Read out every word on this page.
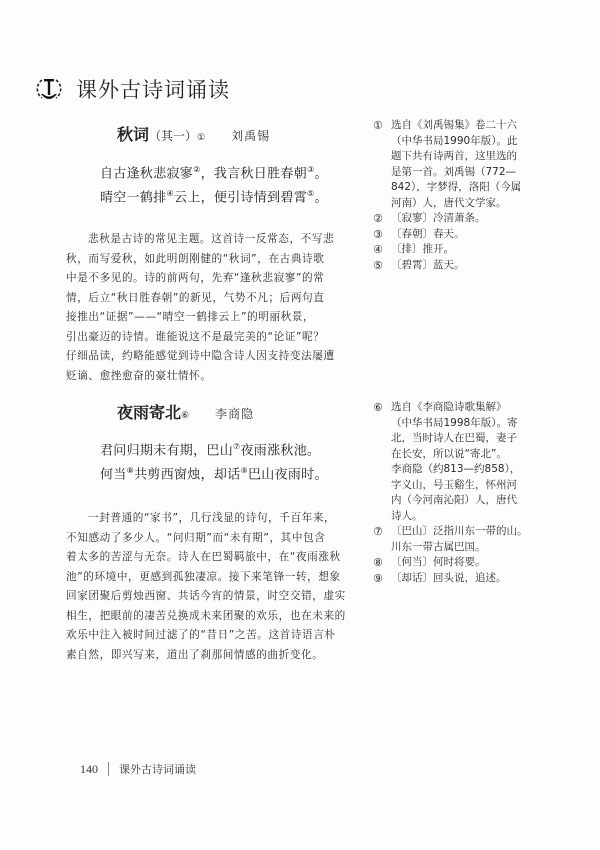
课外古诗词诵读
秋词 （其一） ① 刘禹锡
自古逢秋悲寂寥②，我言秋日胜春朝③。
晴空一鹤排④云上，便引诗情到碧霄⑤。
悲秋是古诗的常见主题。这首诗一反常态，不写悲
秋，而写爱秋，如此明朗刚健的“秋词”，在古典诗歌
中是不多见的。诗的前两句，先弃“逢秋悲寂寥”的常
情，后立“秋日胜春朝”的新见，气势不凡；后两句直
接推出“证据”——“晴空一鹤排云上”的明丽秋景，
引出豪迈的诗情。谁能说这不是最完美的“论证”呢？
仔细品读，约略能感觉到诗中隐含诗人因支持变法屡遭
贬谪、愈挫愈奋的豪壮情怀。
① 选自《刘禹锡集》卷二十六
（中华书局1990年版）。此
题下共有诗两首，这里选的
是第一首。刘禹锡（772—
842），字梦得，洛阳（今属
河南）人，唐代文学家。
② 〔寂寥〕冷清萧条。
③ 〔春朝〕春天。
④ 〔排〕推开。
⑤ 〔碧霄〕蓝天。
夜雨寄北 ⑥ 李商隐
君问归期未有期，巴山⑦夜雨涨秋池。
何当⑧共剪西窗烛，却话⑨巴山夜雨时。
一封普通的“家书”，几行浅显的诗句，千百年来，
不知感动了多少人。“问归期”而“未有期”，其中包含
着太多的苦涩与无奈。诗人在巴蜀羁旅中，在“夜雨涨秋
池”的环境中，更感到孤独凄凉。接下来笔锋一转，想象
回家团聚后剪烛西窗、共话今宵的情景，时空交错，虚实
相生，把眼前的凄苦兑换成未来团聚的欢乐，也在未来的
欢乐中注入被时间过滤了的“昔日”之苦。这首诗语言朴
素自然，即兴写来，道出了刹那间情感的曲折变化。
⑥ 选自《李商隐诗歌集解》
（中华书局1998年版）。寄
北，当时诗人在巴蜀，妻子
在长安，所以说“寄北”。
李商隐（约813—约858），
字义山，号玉谿生，怀州河
内（今河南沁阳）人，唐代
诗人。
⑦ 〔巴山〕泛指川东一带的山。
川东一带古属巴国。
⑧ 〔何当〕何时将要。
⑨ 〔却话〕回头说，追述。
140 课外古诗词诵读
